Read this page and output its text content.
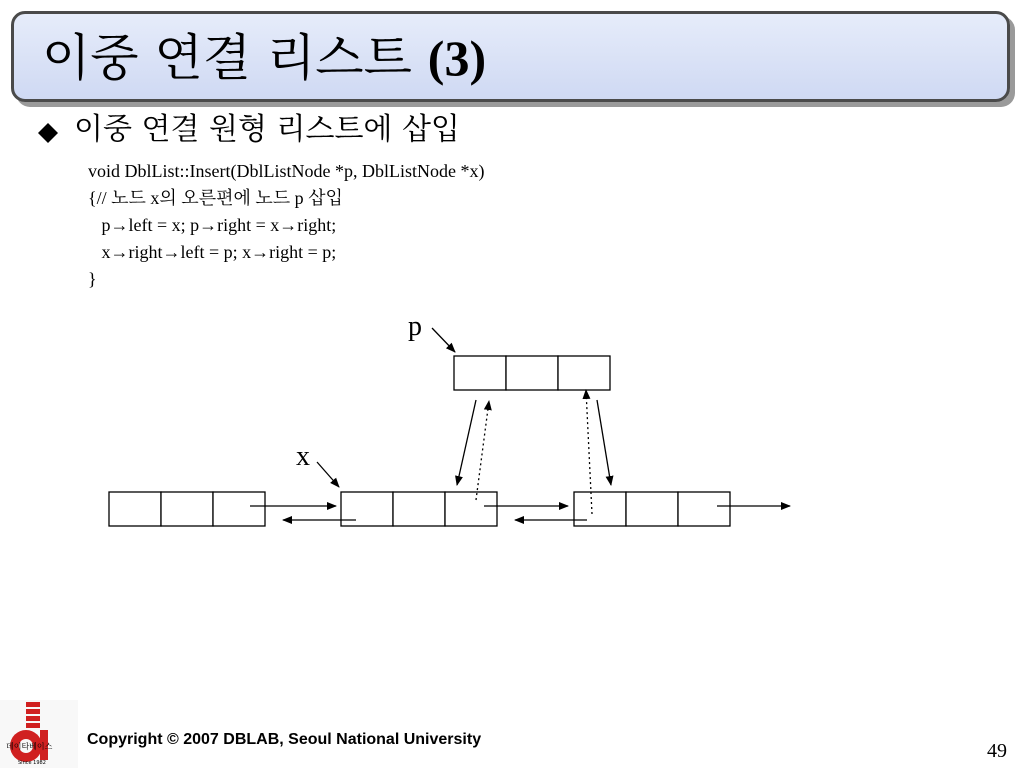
이중 연결 리스트 (3)
이중 연결 원형 리스트에 삽입
void DblList::Insert(DblListNode *p, DblListNode *x)
{// 노드 x의 오른편에 노드 p 삽입
p→left = x; p→right = x→right;
x→right→left = p; x→right = p;
}
p
x
데이타베이스
Since 1982
Copyright © 2007 DBLAB, Seoul National University
49
